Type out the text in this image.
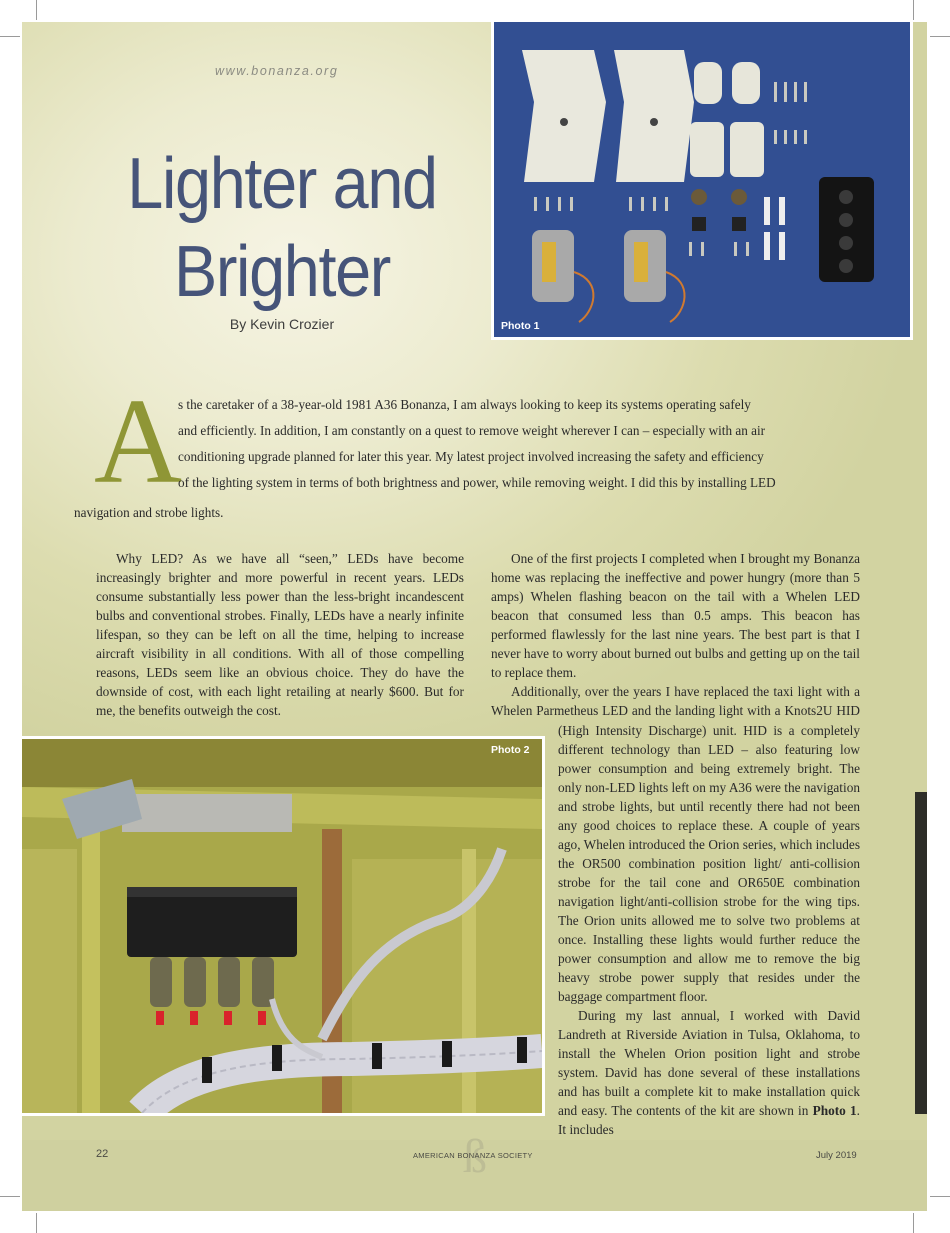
www.bonanza.org
Lighter and
Brighter
By Kevin Crozier	Photo 1
A
s the caretaker of a 38-year-old 1981 A36 Bonanza, I am always looking to keep its systems operating safely
and efficiently. In addition, I am constantly on a quest to remove weight wherever I can – especially with an air
conditioning upgrade planned for later this year. My latest project involved increasing the safety and efficiency
of the lighting system in terms of both brightness and power, while removing weight. I did this by installing LED
navigation and strobe lights.

Why LED? As we have all “seen,” LEDs have become increasingly brighter and more powerful in recent years. LEDs consume substantially less power than the less-bright incandescent bulbs and conventional strobes. Finally, LEDs have a nearly infinite lifespan, so they can be left on all the time, helping to increase aircraft visibility in all conditions. With all of those compelling reasons, LEDs seem like an obvious choice. They do have the downside of cost, with each light retailing at nearly $600. But for me, the benefits outweigh the cost.

One of the first projects I completed when I brought my Bonanza home was replacing the ineffective and power hungry (more than 5 amps) Whelen flashing beacon on the tail with a Whelen LED beacon that consumed less than 0.5 amps. This beacon has performed flawlessly for the last nine years. The best part is that I never have to worry about burned out bulbs and getting up on the tail to replace them.

Additionally, over the years I have replaced the taxi light with a
Whelen Parmetheus LED and the landing light with a Knots2U HID

(High Intensity Discharge) unit. HID is a completely different technology than LED – also featuring low power consumption and being extremely bright. The only non-LED lights left on my A36 were the navigation and strobe lights, but until recently there had not been any good choices to replace these. A couple of years ago, Whelen introduced the Orion series, which includes the OR500 combination position light/ anti-collision strobe for the tail cone and OR650E combination navigation light/anti-collision strobe for the wing tips. The Orion units allowed me to solve two problems at once. Installing these lights would further reduce the power consumption and allow me to remove the big heavy strobe power supply that resides under the baggage compartment floor.

During my last annual, I worked with David Landreth at Riverside Aviation in Tulsa, Oklahoma, to install the Whelen Orion position light and strobe system. David has done several of these installations and has built a complete kit to make installation quick and easy. The contents of the kit are shown in Photo 1. It includes

Photo 2
22	ß
AMERICAN BONANZA SOCIETY	July 2019
